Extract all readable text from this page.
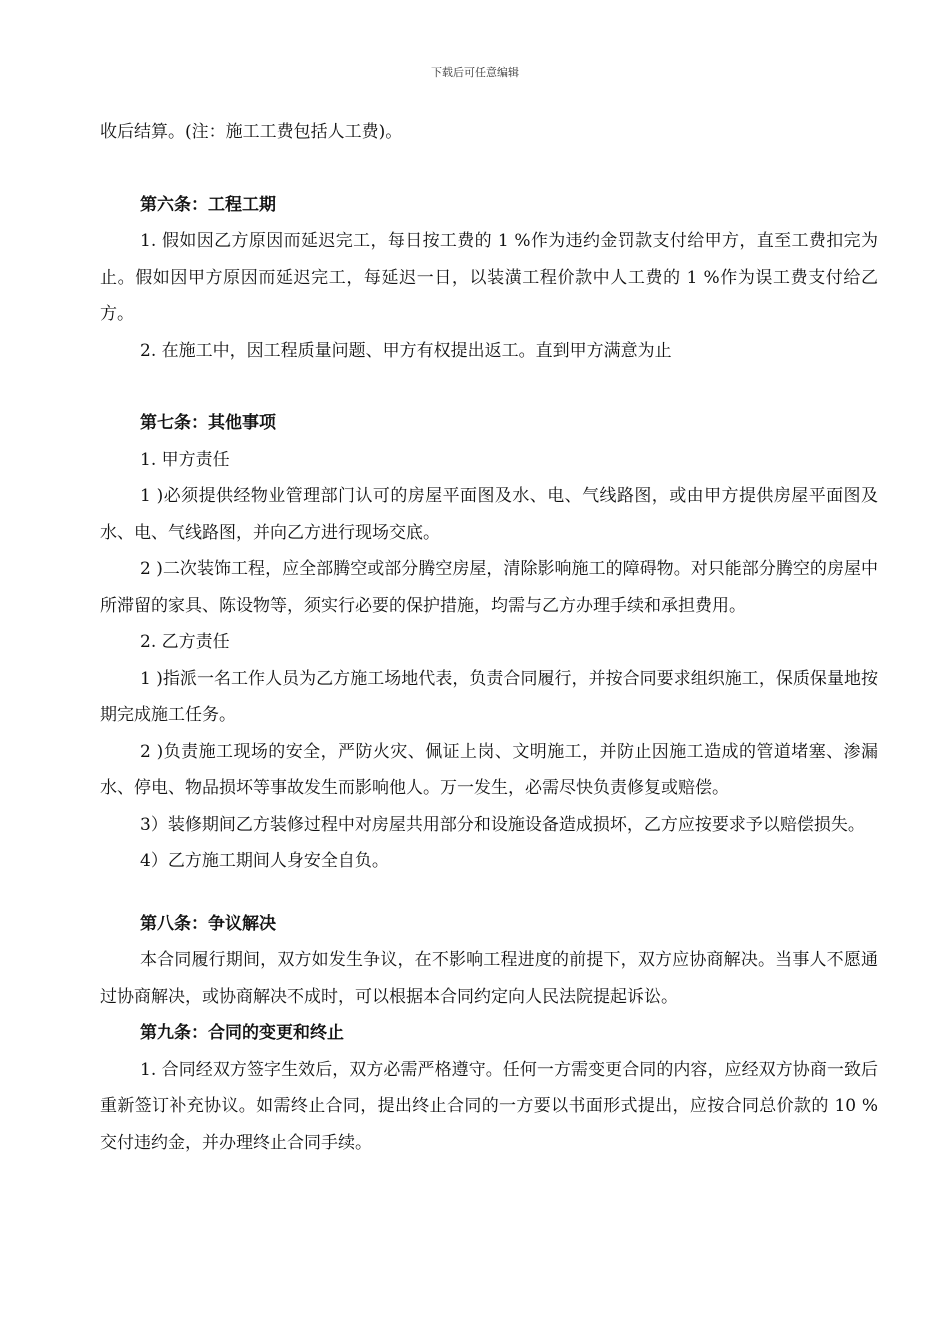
下载后可任意编辑

收后结算。(注：施工工费包括人工费)。

第六条：工程工期

1. 假如因乙方原因而延迟完工，每日按工费的 1 %作为违约金罚款支付给甲方，直至工费扣完为止。假如因甲方原因而延迟完工，每延迟一日，以装潢工程价款中人工费的 1 %作为误工费支付给乙方。

2. 在施工中，因工程质量问题、甲方有权提出返工。直到甲方满意为止

第七条：其他事项

1. 甲方责任

1 )必须提供经物业管理部门认可的房屋平面图及水、电、气线路图，或由甲方提供房屋平面图及水、电、气线路图，并向乙方进行现场交底。

2 )二次装饰工程，应全部腾空或部分腾空房屋，清除影响施工的障碍物。对只能部分腾空的房屋中所滞留的家具、陈设物等，须实行必要的保护措施，均需与乙方办理手续和承担费用。

2. 乙方责任

1 )指派一名工作人员为乙方施工场地代表，负责合同履行，并按合同要求组织施工，保质保量地按期完成施工任务。

2 )负责施工现场的安全，严防火灾、佩证上岗、文明施工，并防止因施工造成的管道堵塞、渗漏水、停电、物品损坏等事故发生而影响他人。万一发生，必需尽快负责修复或赔偿。

3）装修期间乙方装修过程中对房屋共用部分和设施设备造成损坏，乙方应按要求予以赔偿损失。

4）乙方施工期间人身安全自负。

第八条：争议解决

本合同履行期间，双方如发生争议，在不影响工程进度的前提下，双方应协商解决。当事人不愿通过协商解决，或协商解决不成时，可以根据本合同约定向人民法院提起诉讼。

第九条：合同的变更和终止

1. 合同经双方签字生效后，双方必需严格遵守。任何一方需变更合同的内容，应经双方协商一致后重新签订补充协议。如需终止合同，提出终止合同的一方要以书面形式提出，应按合同总价款的 10 %交付违约金，并办理终止合同手续。
